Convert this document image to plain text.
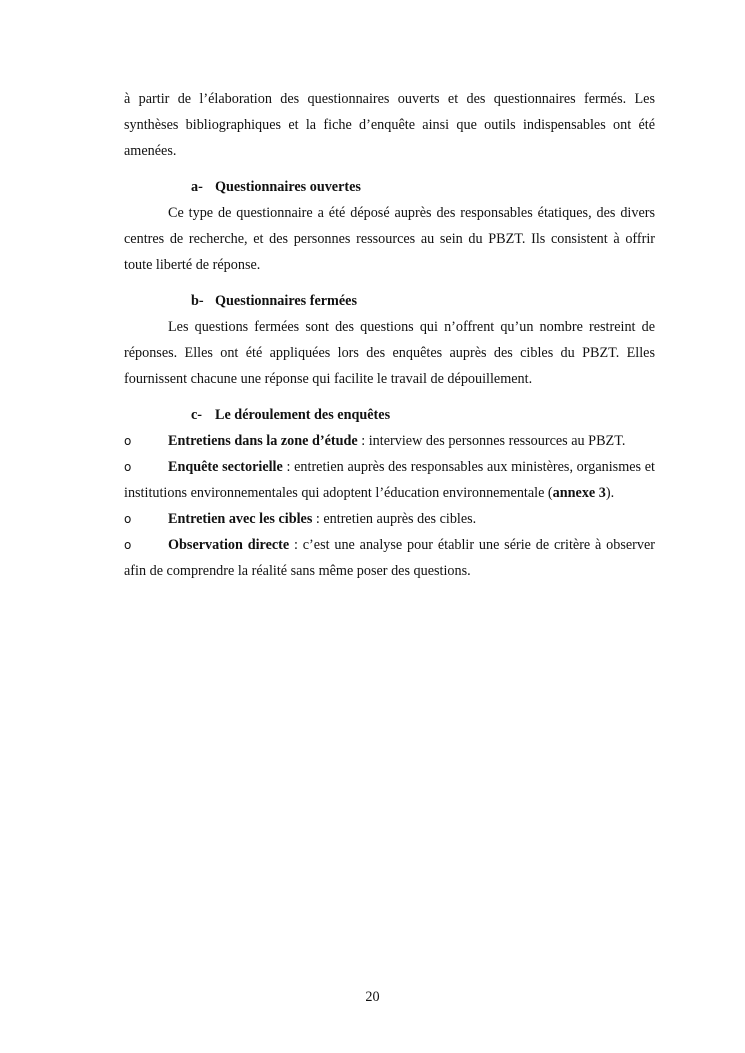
à partir de l’élaboration des questionnaires ouverts et des questionnaires fermés. Les synthèses bibliographiques et la fiche d’enquête ainsi que outils indispensables ont été amenées.

a- Questionnaires ouvertes

Ce type de questionnaire a été déposé auprès des responsables étatiques, des divers centres de recherche, et des personnes ressources au sein du PBZT. Ils consistent à offrir toute liberté de réponse.

b- Questionnaires fermées

Les questions fermées sont des questions qui n’offrent qu’un nombre restreint de réponses. Elles ont été appliquées lors des enquêtes auprès des cibles du PBZT. Elles fournissent chacune une réponse qui facilite le travail de dépouillement.

c- Le déroulement des enquêtes

o	Entretiens dans la zone d’étude : interview des personnes ressources au PBZT.

o	Enquête sectorielle : entretien auprès des responsables aux ministères, organismes et institutions environnementales qui adoptent l’éducation environnementale (annexe 3).

o	Entretien avec les cibles : entretien auprès des cibles.

o	Observation directe : c’est une analyse pour établir une série de critère à observer afin de comprendre la réalité sans même poser des questions.

20
